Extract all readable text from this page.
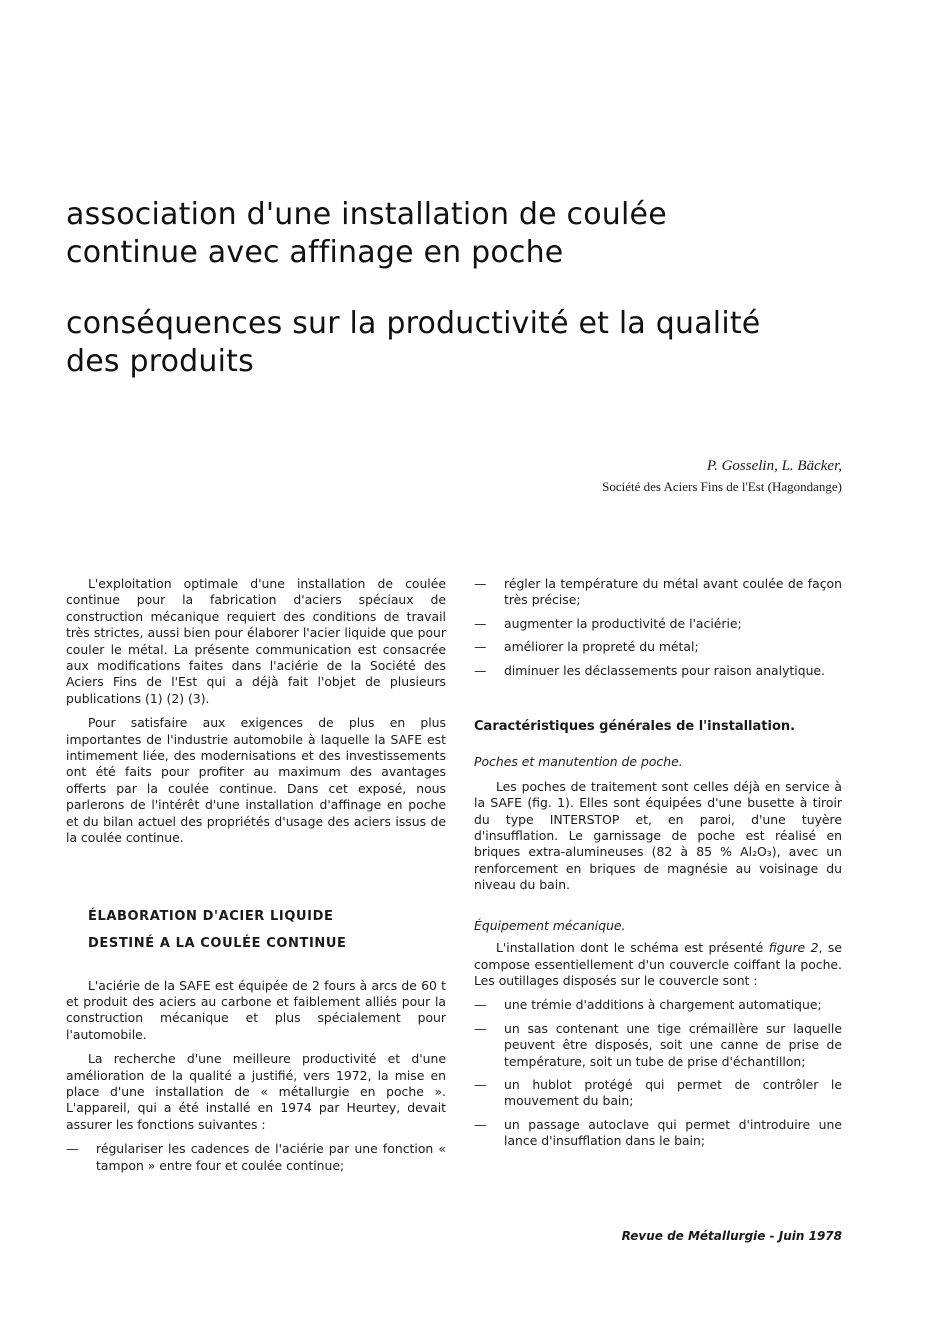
association d'une installation de coulée
continue avec affinage en poche
conséquences sur la productivité et la qualité
des produits
P. Gosselin, L. Bäcker,
Société des Aciers Fins de l'Est (Hagondange)

L'exploitation optimale d'une installation de coulée continue pour la fabrication d'aciers spéciaux de construction mécanique requiert des conditions de travail très strictes, aussi bien pour élaborer l'acier liquide que pour couler le métal. La présente communication est consacrée aux modifications faites dans l'aciérie de la Société des Aciers Fins de l'Est qui a déjà fait l'objet de plusieurs publications (1) (2) (3).

Pour satisfaire aux exigences de plus en plus importantes de l'industrie automobile à laquelle la SAFE est intimement liée, des modernisations et des investissements ont été faits pour profiter au maximum des avantages offerts par la coulée continue. Dans cet exposé, nous parlerons de l'intérêt d'une installation d'affinage en poche et du bilan actuel des propriétés d'usage des aciers issus de la coulée continue.

ÉLABORATION D'ACIER LIQUIDE

DESTINÉ A LA COULÉE CONTINUE

L'aciérie de la SAFE est équipée de 2 fours à arcs de 60 t et produit des aciers au carbone et faiblement alliés pour la construction mécanique et plus spécialement pour l'automobile.

La recherche d'une meilleure productivité et d'une amélioration de la qualité a justifié, vers 1972, la mise en place d'une installation de « métallurgie en poche ». L'appareil, qui a été installé en 1974 par Heurtey, devait assurer les fonctions suivantes :

— régulariser les cadences de l'aciérie par une fonction « tampon » entre four et coulée continue;
— régler la température du métal avant coulée de façon très précise;
— augmenter la productivité de l'aciérie;
— améliorer la propreté du métal;
— diminuer les déclassements pour raison analytique.

Caractéristiques générales de l'installation.

Poches et manutention de poche.

Les poches de traitement sont celles déjà en service à la SAFE (fig. 1). Elles sont équipées d'une busette à tiroir du type INTERSTOP et, en paroi, d'une tuyère d'insufflation. Le garnissage de poche est réalisé en briques extra-alumineuses (82 à 85 % Al₂O₃), avec un renforcement en briques de magnésie au voisinage du niveau du bain.

Équipement mécanique.

L'installation dont le schéma est présenté figure 2, se compose essentiellement d'un couvercle coiffant la poche. Les outillages disposés sur le couvercle sont :

— une trémie d'additions à chargement automatique;
— un sas contenant une tige crémaillère sur laquelle peuvent être disposés, soit une canne de prise de température, soit un tube de prise d'échantillon;
— un hublot protégé qui permet de contrôler le mouvement du bain;
— un passage autoclave qui permet d'introduire une lance d'insufflation dans le bain;
Revue de Métallurgie - Juin 1978
